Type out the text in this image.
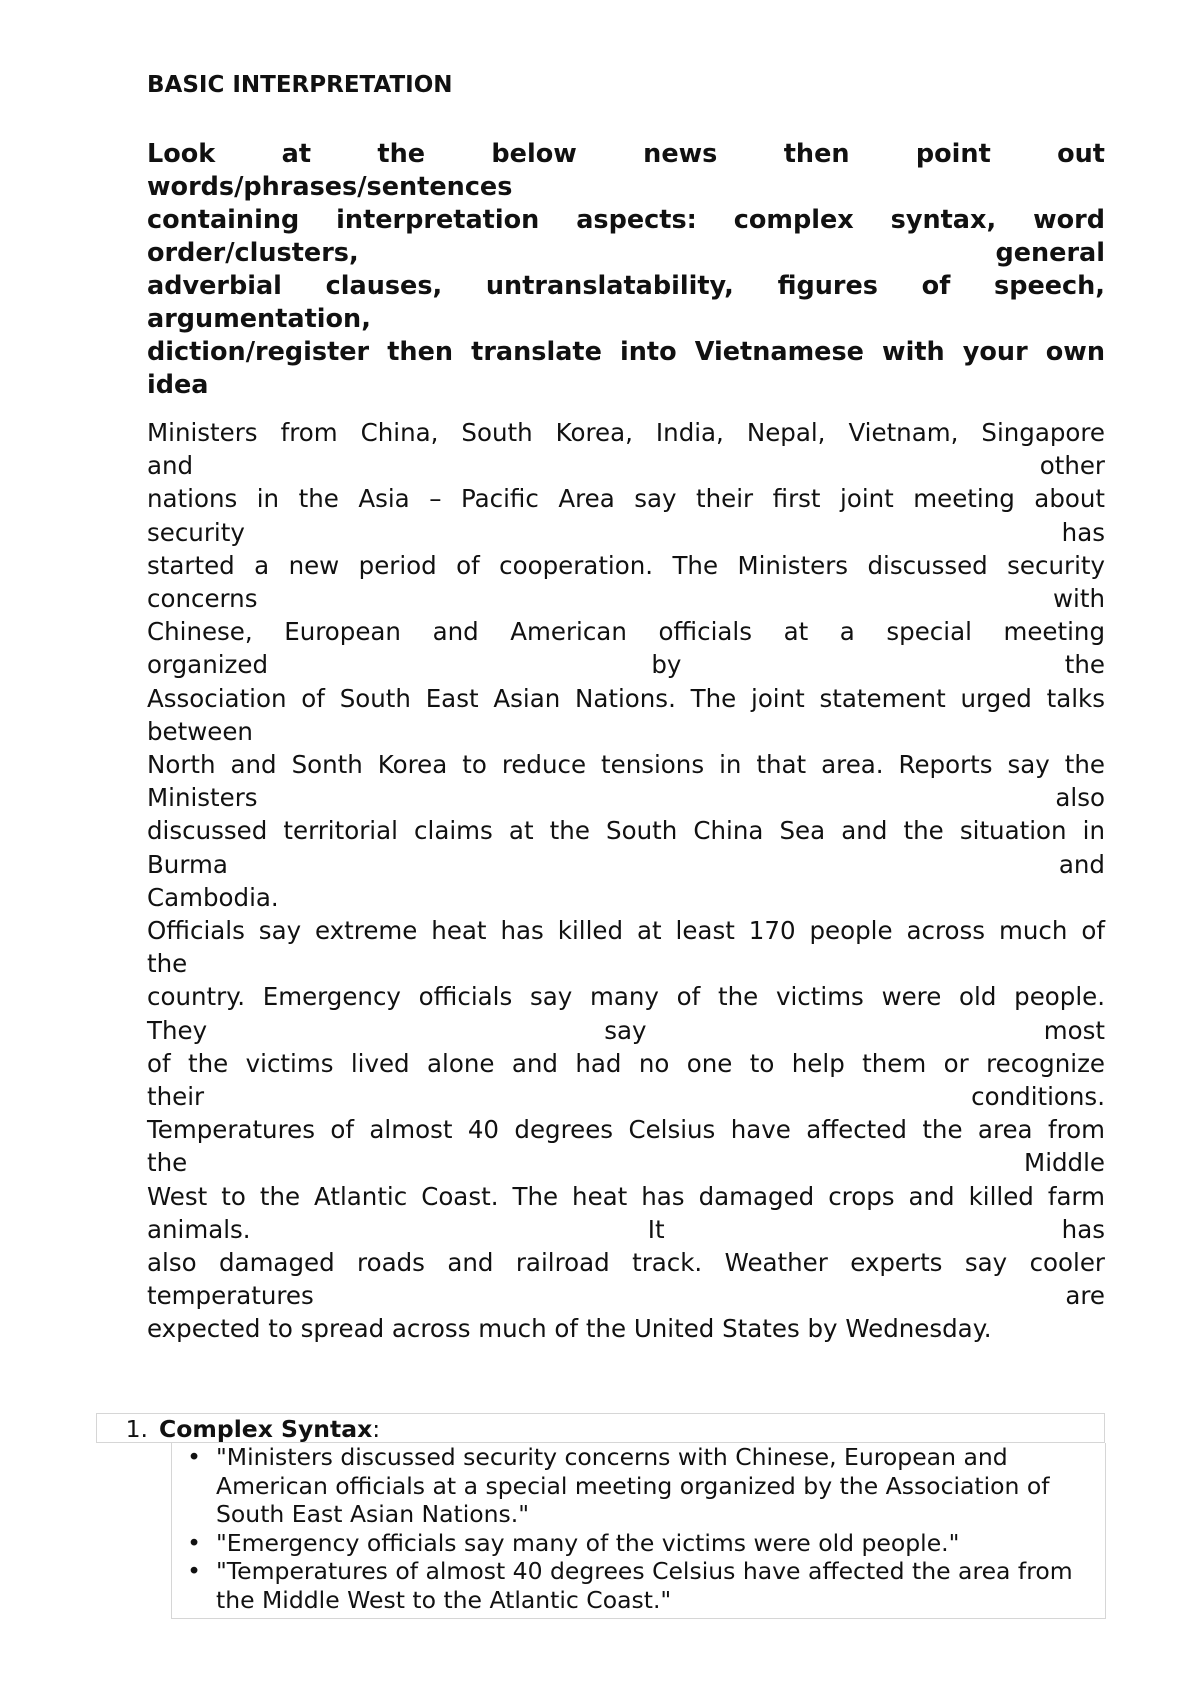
BASIC INTERPRETATION
Look at the below news then point out
words/phrases/sentences
containing interpretation aspects: complex syntax, word
order/clusters, general
adverbial clauses, untranslatability, figures of speech,
argumentation,
diction/register then translate into Vietnamese with your own
idea
Ministers from China, South Korea, India, Nepal, Vietnam, Singapore
and other
nations in the Asia – Pacific Area say their first joint meeting about
security has
started a new period of cooperation. The Ministers discussed security
concerns with
Chinese, European and American officials at a special meeting
organized by the
Association of South East Asian Nations. The joint statement urged talks
between
North and Sonth Korea to reduce tensions in that area. Reports say the
Ministers also
discussed territorial claims at the South China Sea and the situation in
Burma and
Cambodia.
Officials say extreme heat has killed at least 170 people across much of
the
country. Emergency officials say many of the victims were old people.
They say most
of the victims lived alone and had no one to help them or recognize
their conditions.
Temperatures of almost 40 degrees Celsius have affected the area from
the Middle
West to the Atlantic Coast. The heat has damaged crops and killed farm
animals. It has
also damaged roads and railroad track. Weather experts say cooler
temperatures are
expected to spread across much of the United States by Wednesday.
1. Complex Syntax :
• "Ministers discussed security concerns with Chinese, European and American officials at a special meeting organized by the Association of South East Asian Nations."
• "Emergency officials say many of the victims were old people."
• "Temperatures of almost 40 degrees Celsius have affected the area from the Middle West to the Atlantic Coast."
